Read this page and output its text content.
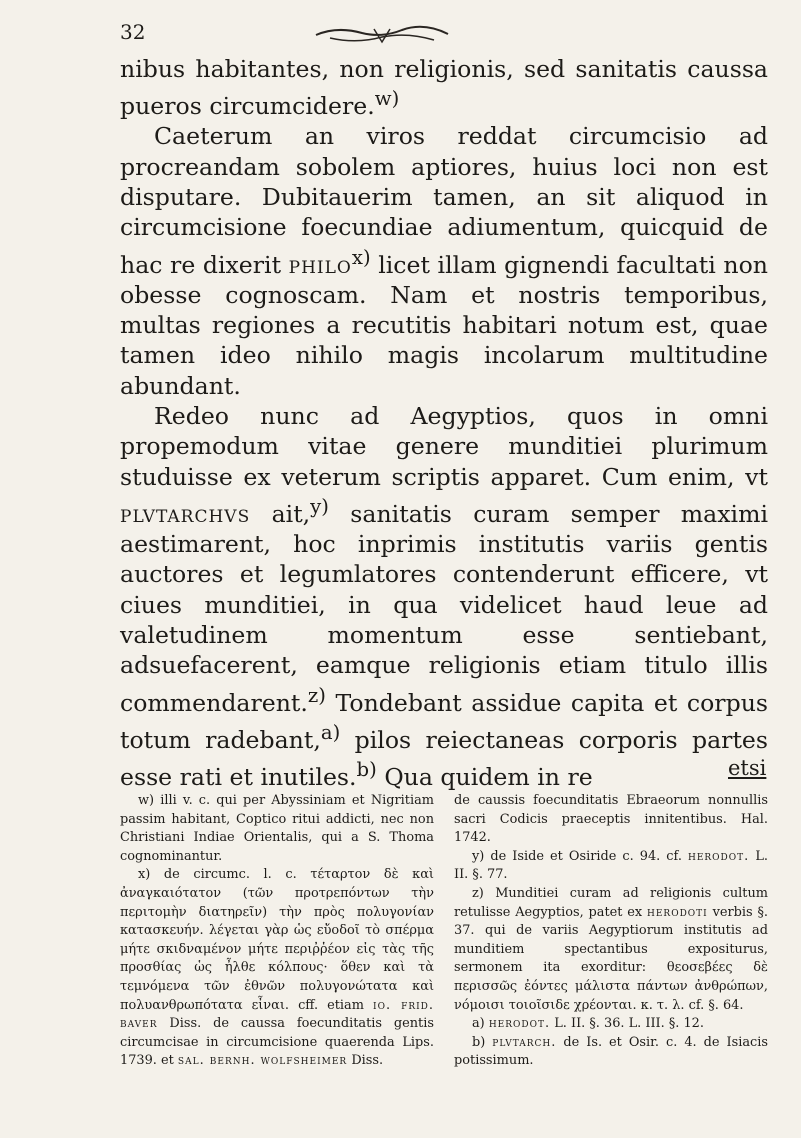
32

nibus habitantes, non religionis, sed sanitatis caussa pueros circumcidere.$^{w)}$

Caeterum an viros reddat circumcisio ad procreandam sobolem aptiores, huius loci non est disputare. Dubitauerim tamen, an sit aliquod in circumcisione foecundiae adiumentum, quicquid de hac re dixerit philo$^{x)}$ licet illam gignendi facultati non obesse cognoscam. Nam et nostris temporibus, multas regiones a recutitis habitari notum est, quae tamen ideo nihilo magis incolarum multitudine abundant.

Redeo nunc ad Aegyptios, quos in omni propemodum vitae genere munditiei plurimum studuisse ex veterum scriptis apparet. Cum enim, vt plvtarchvs ait,$^{y)}$ sanitatis curam semper maximi aestimarent, hoc inprimis institutis variis gentis auctores et legumlatores contenderunt efficere, vt ciues munditiei, in qua videlicet haud leue ad valetudinem momentum esse sentiebant, adsuefacerent, eamque religionis etiam titulo illis commendarent.$^{z)}$ Tondebant assidue capita et corpus totum radebant,$^{a)}$ pilos reiectaneas corporis partes esse rati et inutiles.$^{b)}$ Qua quidem in re	etsi

w) illi v. c. qui per Abyssiniam et Nigritiam passim habitant, Coptico ritui addicti, nec non Christiani Indiae Orientalis, qui a S. Thoma cognominantur.

x) de circumc. l. c. τέταρτον δὲ καὶ ἀναγκαιότατον (τῶν προτρεπόντων τὴν περιτομὴν διατηρεῖν) τὴν πρὸς πολυγονίαν κατασκευήν. λέγεται γὰρ ὡς εὔοδοῖ τὸ σπέρμα μήτε σκιδναμένον μήτε περιῤῥέον εἰς τὰς τῆς προσθίας ὡς ἦλθε κόλπους· ὅθεν καὶ τὰ τεμνόμενα τῶν ἐθνῶν πολυγονώτατα καὶ πολυανθρωπότατα εἶναι. cff. etiam io. frid. baver Diss. de caussa foecunditatis gentis circumcisae in circumcisione quaerenda Lips. 1739. et sal. bernh. wolfsheimer Diss.

de caussis foecunditatis Ebraeorum nonnullis sacri Codicis praeceptis innitentibus. Hal. 1742.

y) de Iside et Osiride c. 94. cf. herodot. L. II. §. 77.

z) Munditiei curam ad religionis cultum retulisse Aegyptios, patet ex herodoti verbis §. 37. qui de variis Aegyptiorum institutis ad munditiem spectantibus expositurus, sermonem ita exorditur: θεοσεβέες δὲ περισσῶς ἐόντες μάλιστα πάντων ἀνθρώπων, νόμοισι τοιοῖσιδε χρέονται. κ. τ. λ. cf. §. 64.

a) herodot. L. II. §. 36. L. III. §. 12.

b) plvtarch. de Is. et Osir. c. 4. de Isiacis potissimum.
